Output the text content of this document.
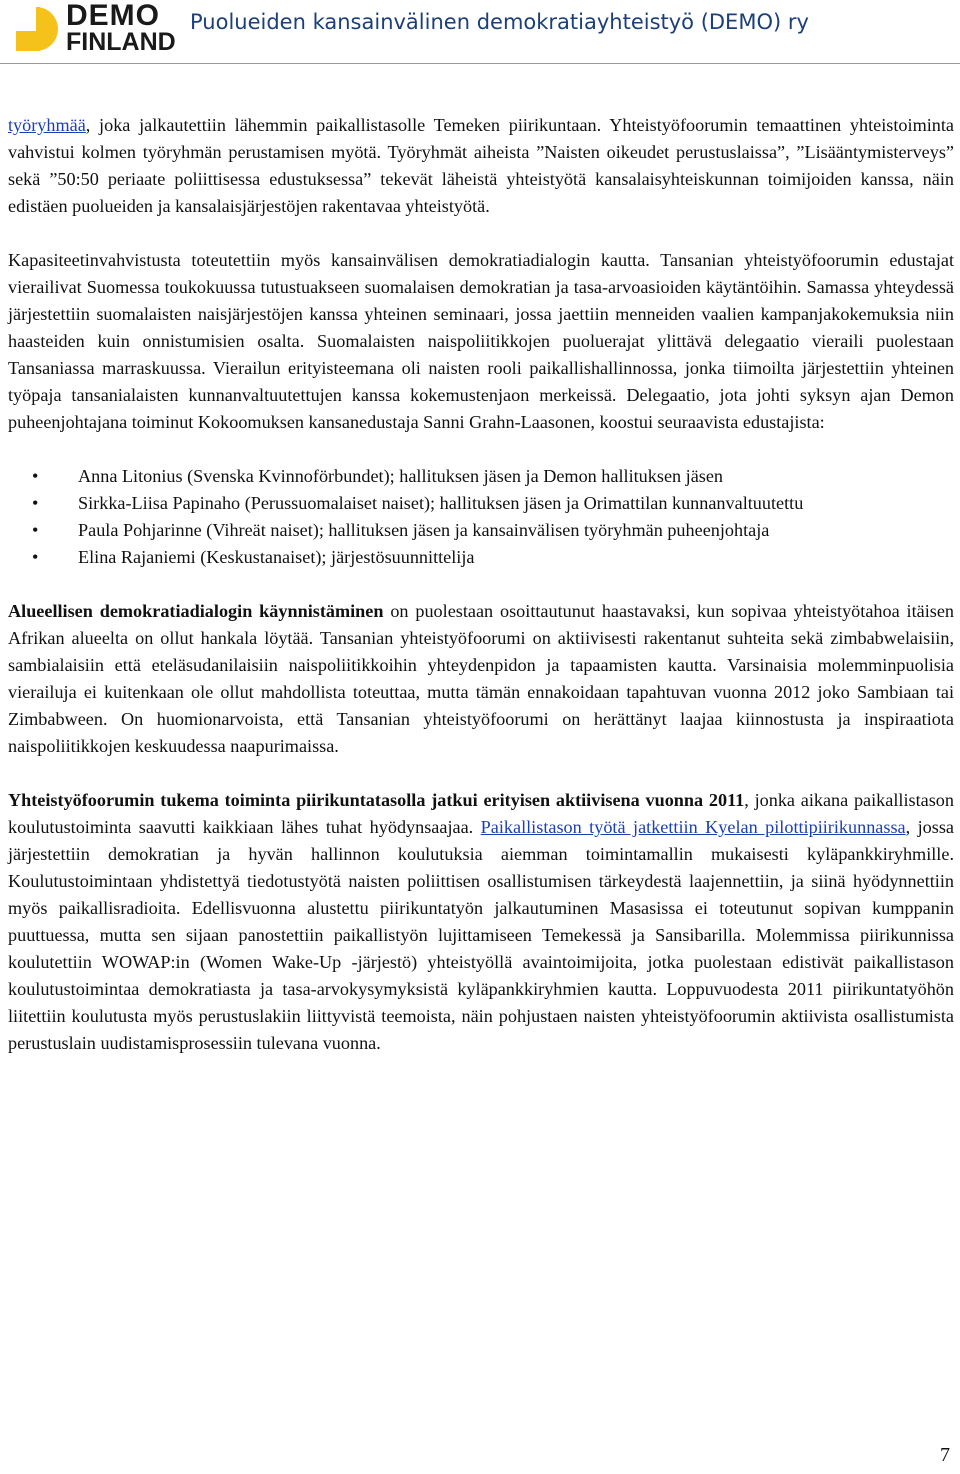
DEMO
FINLAND
Puolueiden kansainvälinen demokratiayhteistyö (DEMO) ry

työryhmää, joka jalkautettiin lähemmin paikallistasolle Temeken piirikuntaan. Yhteistyöfoorumin temaattinen yhteistoiminta vahvistui kolmen työryhmän perustamisen myötä. Työryhmät aiheista ”Naisten oikeudet perustuslaissa”, ”Lisääntymisterveys” sekä ”50:50 periaate poliittisessa edustuksessa” tekevät läheistä yhteistyötä kansalaisyhteiskunnan toimijoiden kanssa, näin edistäen puolueiden ja kansalaisjärjestöjen rakentavaa yhteistyötä.

Kapasiteetinvahvistusta toteutettiin myös kansainvälisen demokratiadialogin kautta. Tansanian yhteistyöfoorumin edustajat vierailivat Suomessa toukokuussa tutustuakseen suomalaisen demokratian ja tasa-arvoasioiden käytäntöihin. Samassa yhteydessä järjestettiin suomalaisten naisjärjestöjen kanssa yhteinen seminaari, jossa jaettiin menneiden vaalien kampanjakokemuksia niin haasteiden kuin onnistumisien osalta. Suomalaisten naispoliitikkojen puoluerajat ylittävä delegaatio vieraili puolestaan Tansaniassa marraskuussa. Vierailun erityisteemana oli naisten rooli paikallishallinnossa, jonka tiimoilta järjestettiin yhteinen työpaja tansanialaisten kunnanvaltuutettujen kanssa kokemustenjaon merkeissä. Delegaatio, jota johti syksyn ajan Demon puheenjohtajana toiminut Kokoomuksen kansanedustaja Sanni Grahn-Laasonen, koostui seuraavista edustajista:

• Anna Litonius (Svenska Kvinnoförbundet); hallituksen jäsen ja Demon hallituksen jäsen
• Sirkka-Liisa Papinaho (Perussuomalaiset naiset); hallituksen jäsen ja Orimattilan kunnanvaltuutettu
• Paula Pohjarinne (Vihreät naiset); hallituksen jäsen ja kansainvälisen työryhmän puheenjohtaja
• Elina Rajaniemi (Keskustanaiset); järjestösuunnittelija

Alueellisen demokratiadialogin käynnistäminen on puolestaan osoittautunut haastavaksi, kun sopivaa yhteistyötahoa itäisen Afrikan alueelta on ollut hankala löytää. Tansanian yhteistyöfoorumi on aktiivisesti rakentanut suhteita sekä zimbabwelaisiin, sambialaisiin että eteläsudanilaisiin naispoliitikkoihin yhteydenpidon ja tapaamisten kautta. Varsinaisia molemminpuolisia vierailuja ei kuitenkaan ole ollut mahdollista toteuttaa, mutta tämän ennakoidaan tapahtuvan vuonna 2012 joko Sambiaan tai Zimbabween. On huomionarvoista, että Tansanian yhteistyöfoorumi on herättänyt laajaa kiinnostusta ja inspiraatiota naispoliitikkojen keskuudessa naapurimaissa.

Yhteistyöfoorumin tukema toiminta piirikuntatasolla jatkui erityisen aktiivisena vuonna 2011, jonka aikana paikallistason koulutustoiminta saavutti kaikkiaan lähes tuhat hyödynsaajaa. Paikallistason työtä jatkettiin Kyelan pilottipiirikunnassa, jossa järjestettiin demokratian ja hyvän hallinnon koulutuksia aiemman toimintamallin mukaisesti kyläpankkiryhmille. Koulutustoimintaan yhdistettyä tiedotustyötä naisten poliittisen osallistumisen tärkeydestä laajennettiin, ja siinä hyödynnettiin myös paikallisradioita. Edellisvuonna alustettu piirikuntatyön jalkautuminen Masasissa ei toteutunut sopivan kumppanin puuttuessa, mutta sen sijaan panostettiin paikallistyön lujittamiseen Temekessä ja Sansibarilla. Molemmissa piirikunnissa koulutettiin WOWAP:in (Women Wake-Up -järjestö) yhteistyöllä avaintoimijoita, jotka puolestaan edistivät paikallistason koulutustoimintaa demokratiasta ja tasa-arvokysymyksistä kyläpankkiryhmien kautta. Loppuvuodesta 2011 piirikuntatyöhön liitettiin koulutusta myös perustuslakiin liittyvistä teemoista, näin pohjustaen naisten yhteistyöfoorumin aktiivista osallistumista perustuslain uudistamisprosessiin tulevana vuonna.

7
